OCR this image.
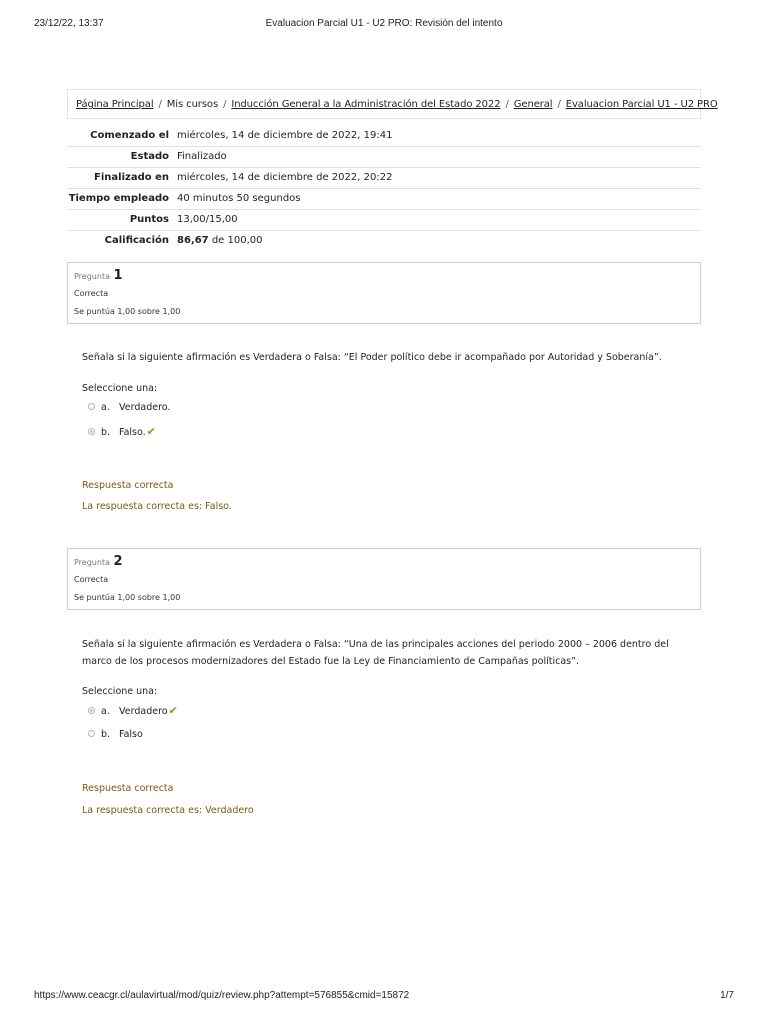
23/12/22, 13:37	Evaluacion Parcial U1 - U2 PRO: Revisión del intento
Página Principal / Mis cursos / Inducción General a la Administración del Estado 2022 / General / Evaluacion Parcial U1 - U2 PRO
Comenzado el	miércoles, 14 de diciembre de 2022, 19:41
Estado	Finalizado
Finalizado en	miércoles, 14 de diciembre de 2022, 20:22
Tiempo empleado	40 minutos 50 segundos
Puntos	13,00/15,00
Calificación	86,67 de 100,00
Pregunta 1
Correcta
Se puntúa 1,00 sobre 1,00
Señala si la siguiente afirmación es Verdadera o Falsa: “El Poder político debe ir acompañado por Autoridad y Soberanía”.
Seleccione una:
a. Verdadero.
b. Falso.✔
Respuesta correcta
La respuesta correcta es: Falso.
Pregunta 2
Correcta
Se puntúa 1,00 sobre 1,00
Señala si la siguiente afirmación es Verdadera o Falsa: “Una de las principales acciones del periodo 2000 – 2006 dentro del marco de los procesos modernizadores del Estado fue la Ley de Financiamiento de Campañas políticas”.
Seleccione una:
a. Verdadero✔
b. Falso
Respuesta correcta
La respuesta correcta es: Verdadero
https://www.ceacgr.cl/aulavirtual/mod/quiz/review.php?attempt=576855&cmid=15872	1/7
